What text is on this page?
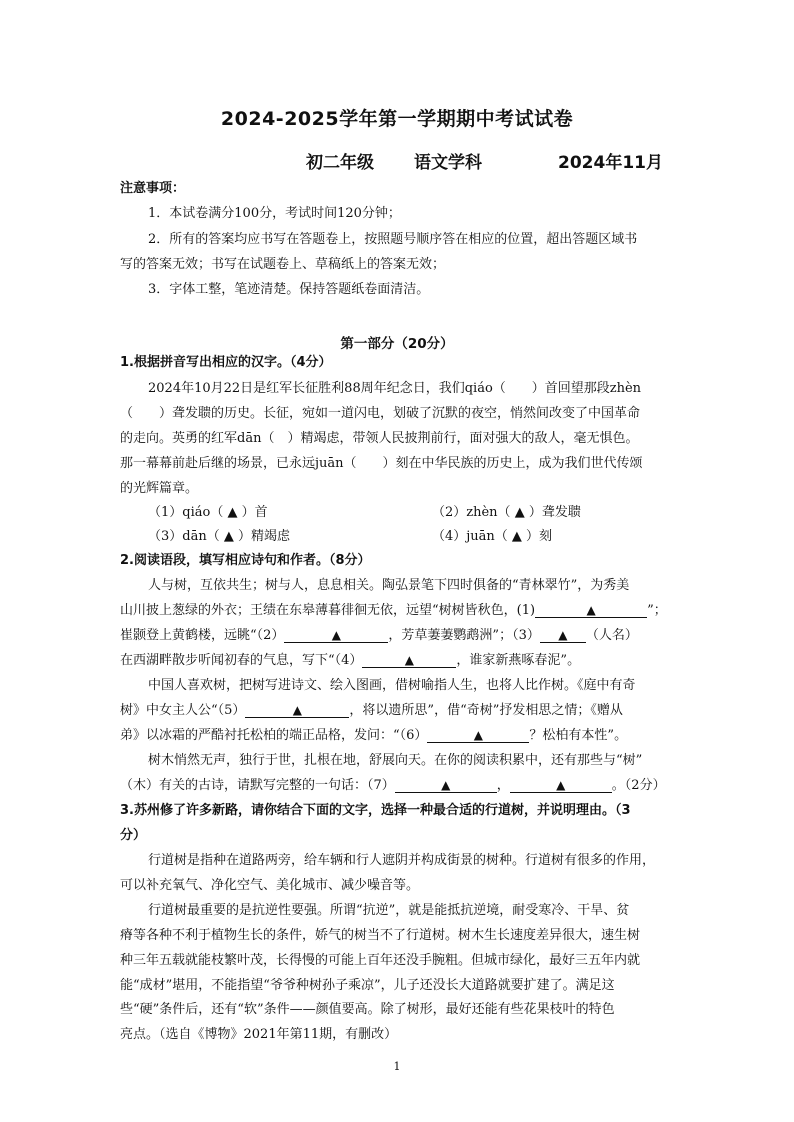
2024-2025学年第一学期期中考试试卷
初二年级 语文学科	2024年11月
注意事项：
1．本试卷满分100分，考试时间120分钟；
2．所有的答案均应书写在答题卷上，按照题号顺序答在相应的位置，超出答题区域书
写的答案无效；书写在试题卷上、草稿纸上的答案无效；
3．字体工整，笔迹清楚。保持答题纸卷面清洁。
第一部分（20分）
1.根据拼音写出相应的汉字。（4分）
2024年10月22日是红军长征胜利88周年纪念日，我们qiáo（　　）首回望那段zhèn
（　　）聋发聩的历史。长征，宛如一道闪电，划破了沉默的夜空，悄然间改变了中国革命
的走向。英勇的红军dān（　）精竭虑，带领人民披荆前行，面对强大的敌人，毫无惧色。
那一幕幕前赴后继的场景，已永远juān（　　）刻在中华民族的历史上，成为我们世代传颂
的光辉篇章。
（1）qiáo（ ▲ ）首	（2）zhèn（ ▲ ）聋发聩
（3）dān（ ▲ ）精竭虑	（4）juān（ ▲ ）刻
2.阅读语段，填写相应诗句和作者。（8分）
人与树，互依共生；树与人，息息相关。陶弘景笔下四时俱备的“青林翠竹”，为秀美
山川披上葱绿的外衣；王绩在东皋薄暮徘徊无依，远望“树树皆秋色，(1)	▲	”；
崔颢登上黄鹤楼，远眺“（2）	▲	，芳草萋萋鹦鹉洲”；（3） ▲ （人名）
在西湖畔散步听闻初春的气息，写下“（4）	▲	，谁家新燕啄春泥”。
中国人喜欢树，把树写进诗文、绘入图画，借树喻指人生，也将人比作树。《庭中有奇
树》中女主人公“（5）	▲	，将以遗所思”，借“奇树”抒发相思之情；《赠从
弟》以冰霜的严酷衬托松柏的端正品格，发问：“（6）	▲	？松柏有本性”。
树木悄然无声，独行于世，扎根在地，舒展向天。在你的阅读积累中，还有那些与“树”
（木）有关的古诗，请默写完整的一句话：（7）	▲	，	▲	。（2分）
3.苏州修了许多新路，请你结合下面的文字，选择一种最合适的行道树，并说明理由。（3
分）
行道树是指种在道路两旁，给车辆和行人遮阴并构成街景的树种。行道树有很多的作用，
可以补充氧气、净化空气、美化城市、减少噪音等。
行道树最重要的是抗逆性要强。所谓“抗逆”，就是能抵抗逆境，耐受寒冷、干旱、贫
瘠等各种不利于植物生长的条件，娇气的树当不了行道树。树木生长速度差异很大，速生树
种三年五载就能枝繁叶茂，长得慢的可能上百年还没手腕粗。但城市绿化，最好三五年内就
能“成材”堪用，不能指望“爷爷种树孙子乘凉”，儿子还没长大道路就要扩建了。满足这
些“硬”条件后，还有“软”条件——颜值要高。除了树形，最好还能有些花果枝叶的特色
亮点。（选自《博物》2021年第11期，有删改）
1
